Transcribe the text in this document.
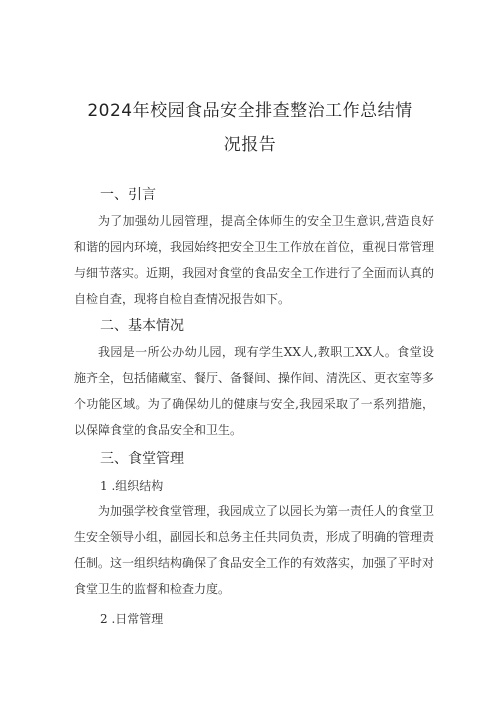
2024年校园食品安全排查整治工作总结情
况报告
一、引言

为了加强幼儿园管理，提高全体师生的安全卫生意识,营造良好和谐的园内环境，我园始终把安全卫生工作放在首位，重视日常管理与细节落实。近期，我园对食堂的食品安全工作进行了全面而认真的自检自查，现将自检自查情况报告如下。

二、基本情况

我园是一所公办幼儿园，现有学生XX人,教职工XX人。食堂设施齐全，包括储藏室、餐厅、备餐间、操作间、清洗区、更衣室等多个功能区域。为了确保幼儿的健康与安全,我园采取了一系列措施，以保障食堂的食品安全和卫生。

三、食堂管理
1 .组织结构

为加强学校食堂管理，我园成立了以园长为第一责任人的食堂卫生安全领导小组，副园长和总务主任共同负责，形成了明确的管理责任制。这一组织结构确保了食品安全工作的有效落实，加强了平时对食堂卫生的监督和检查力度。

2 .日常管理
